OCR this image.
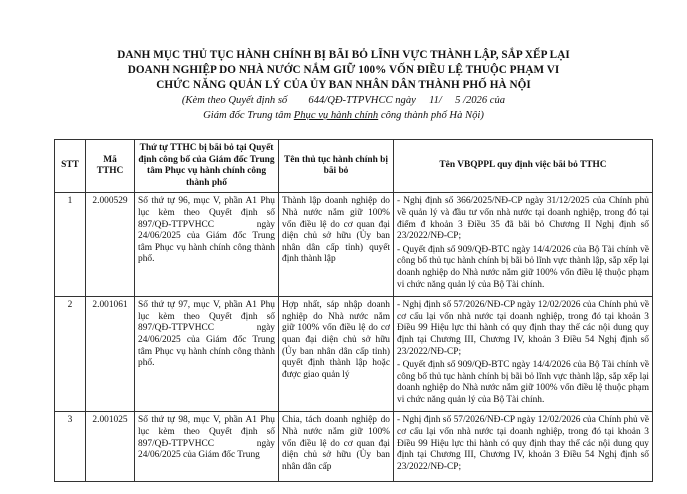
DANH MỤC THỦ TỤC HÀNH CHÍNH BỊ BÃI BỎ LĨNH VỰC THÀNH LẬP, SẮP XẾP LẠI
DOANH NGHIỆP DO NHÀ NƯỚC NẮM GIỮ 100% VỐN ĐIỀU LỆ THUỘC PHẠM VI
CHỨC NĂNG QUẢN LÝ CỦA ỦY BAN NHÂN DÂN THÀNH PHỐ HÀ NỘI
(Kèm theo Quyết định số        644/QĐ-TTPVHCC ngày     11/     5 /2026 của
Giám đốc Trung tâm Phục vụ hành chính công thành phố Hà Nội)
STT	Mã TTHC	Thứ tự TTHC bị bãi bỏ tại Quyết định công bố của Giám đốc Trung tâm Phục vụ hành chính công thành phố	Tên thủ tục hành chính bị bãi bỏ	Tên VBQPPL quy định việc bãi bỏ TTHC
1	2.000529	Số thứ tự 96, mục V, phần A1 Phụ lục kèm theo Quyết định số 897/QĐ-TTPVHCC ngày 24/06/2025 của Giám đốc Trung tâm Phục vụ hành chính công thành phố.	Thành lập doanh nghiệp do Nhà nước nắm giữ 100% vốn điều lệ do cơ quan đại diện chủ sở hữu (Ủy ban nhân dân cấp tỉnh) quyết định thành lập	- Nghị định số 366/2025/NĐ-CP ngày 31/12/2025 của Chính phủ về quản lý và đầu tư vốn nhà nước tại doanh nghiệp, trong đó tại điểm đ khoản 3 Điều 35 đã bãi bỏ Chương II Nghị định số 23/2022/NĐ-CP;

- Quyết định số 909/QĐ-BTC ngày 14/4/2026 của Bộ Tài chính về công bố thủ tục hành chính bị bãi bỏ lĩnh vực thành lập, sắp xếp lại doanh nghiệp do Nhà nước nắm giữ 100% vốn điều lệ thuộc phạm vi chức năng quản lý của Bộ Tài chính.

2	2.001061	Số thứ tự 97, mục V, phần A1 Phụ lục kèm theo Quyết định số 897/QĐ-TTPVHCC ngày 24/06/2025 của Giám đốc Trung tâm Phục vụ hành chính công thành phố.	Hợp nhất, sáp nhập doanh nghiệp do Nhà nước nắm giữ 100% vốn điều lệ do cơ quan đại diện chủ sở hữu (Ủy ban nhân dân cấp tỉnh) quyết định thành lập hoặc được giao quản lý	- Nghị định số 57/2026/NĐ-CP ngày 12/02/2026 của Chính phủ về cơ cấu lại vốn nhà nước tại doanh nghiệp, trong đó tại khoản 3 Điều 99 Hiệu lực thi hành có quy định thay thế các nội dung quy định tại Chương III, Chương IV, khoản 3 Điều 54 Nghị định số 23/2022/NĐ-CP;

- Quyết định số 909/QĐ-BTC ngày 14/4/2026 của Bộ Tài chính về công bố thủ tục hành chính bị bãi bỏ lĩnh vực thành lập, sắp xếp lại doanh nghiệp do Nhà nước nắm giữ 100% vốn điều lệ thuộc phạm vi chức năng quản lý của Bộ Tài chính.

3	2.001025	Số thứ tự 98, mục V, phần A1 Phụ lục kèm theo Quyết định số 897/QĐ-TTPVHCC ngày 24/06/2025 của Giám đốc Trung	Chia, tách doanh nghiệp do Nhà nước nắm giữ 100% vốn điều lệ do cơ quan đại diện chủ sở hữu (Ủy ban nhân dân cấp	- Nghị định số 57/2026/NĐ-CP ngày 12/02/2026 của Chính phủ về cơ cấu lại vốn nhà nước tại doanh nghiệp, trong đó tại khoản 3 Điều 99 Hiệu lực thi hành có quy định thay thế các nội dung quy định tại Chương III, Chương IV, khoản 3 Điều 54 Nghị định số 23/2022/NĐ-CP;
